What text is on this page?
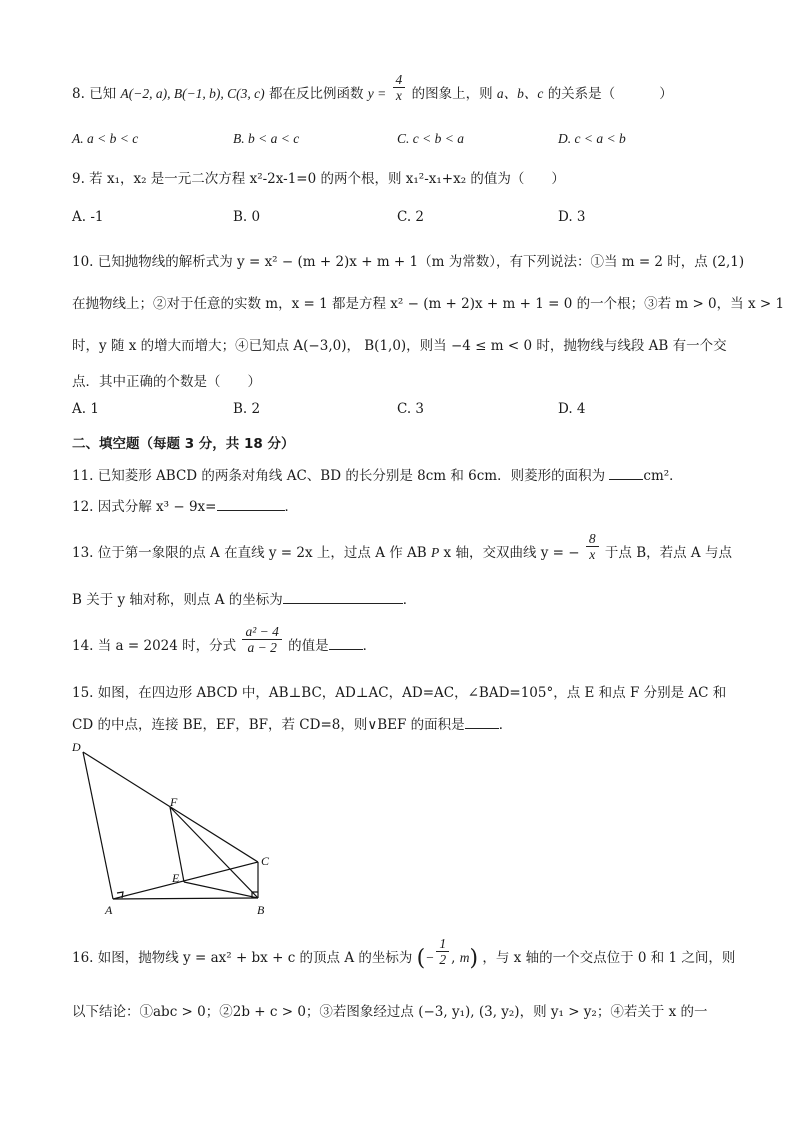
8. 已知 A(−2, a), B(−1, b), C(3, c) 都在反比例函数 $y = \frac{4}{x}$ 的图象上，则 a、b、c 的关系是（	）
A. a < b < c	B. b < a < c	C. c < b < a	D. c < a < b
9. 若 x₁，x₂ 是一元二次方程 x²-2x-1=0 的两个根，则 x₁²-x₁+x₂ 的值为（　　）
A. -1	B. 0	C. 2	D. 3
10. 已知抛物线的解析式为 y = x² − (m + 2)x + m + 1（m 为常数），有下列说法：①当 m = 2 时，点 (2,1)
在抛物线上；②对于任意的实数 m，x = 1 都是方程 x² − (m + 2)x + m + 1 = 0 的一个根；③若 m > 0，当 x > 1
时，y 随 x 的增大而增大；④已知点 A(−3,0)， B(1,0)，则当 −4 ≤ m < 0 时，抛物线与线段 AB 有一个交
点．其中正确的个数是（　　）
A. 1	B. 2	C. 3	D. 4
二、填空题（每题 3 分，共 18 分）
11. 已知菱形 ABCD 的两条对角线 AC、BD 的长分别是 8cm 和 6cm．则菱形的面积为	cm²．
12. 因式分解 x³ − 9x=	．
13. 位于第一象限的点 A 在直线 y = 2x 上，过点 A 作 AB P x 轴，交双曲线 y = − $\frac{8}{x}$ 于点 B，若点 A 与点
B 关于 y 轴对称，则点 A 的坐标为	．
14. 当 a = 2024 时，分式 $\frac{\text{a² − 4}}{a - 2}$ 的值是	．
15. 如图，在四边形 ABCD 中，AB⊥BC，AD⊥AC，AD=AC，∠BAD=105°，点 E 和点 F 分别是 AC 和
CD 的中点，连接 BE，EF，BF，若 CD=8，则∨BEF 的面积是	．
D
F
C
E
A	B
16. 如图，抛物线 y = ax² + bx + c 的顶点 A 的坐标为 (− $\frac{1}{2}$ , m) ，与 x 轴的一个交点位于 0 和 1 之间，则
以下结论：①abc > 0；②2b + c > 0；③若图象经过点 (−3, y₁), (3, y₂)，则 y₁ > y₂；④若关于 x 的一
